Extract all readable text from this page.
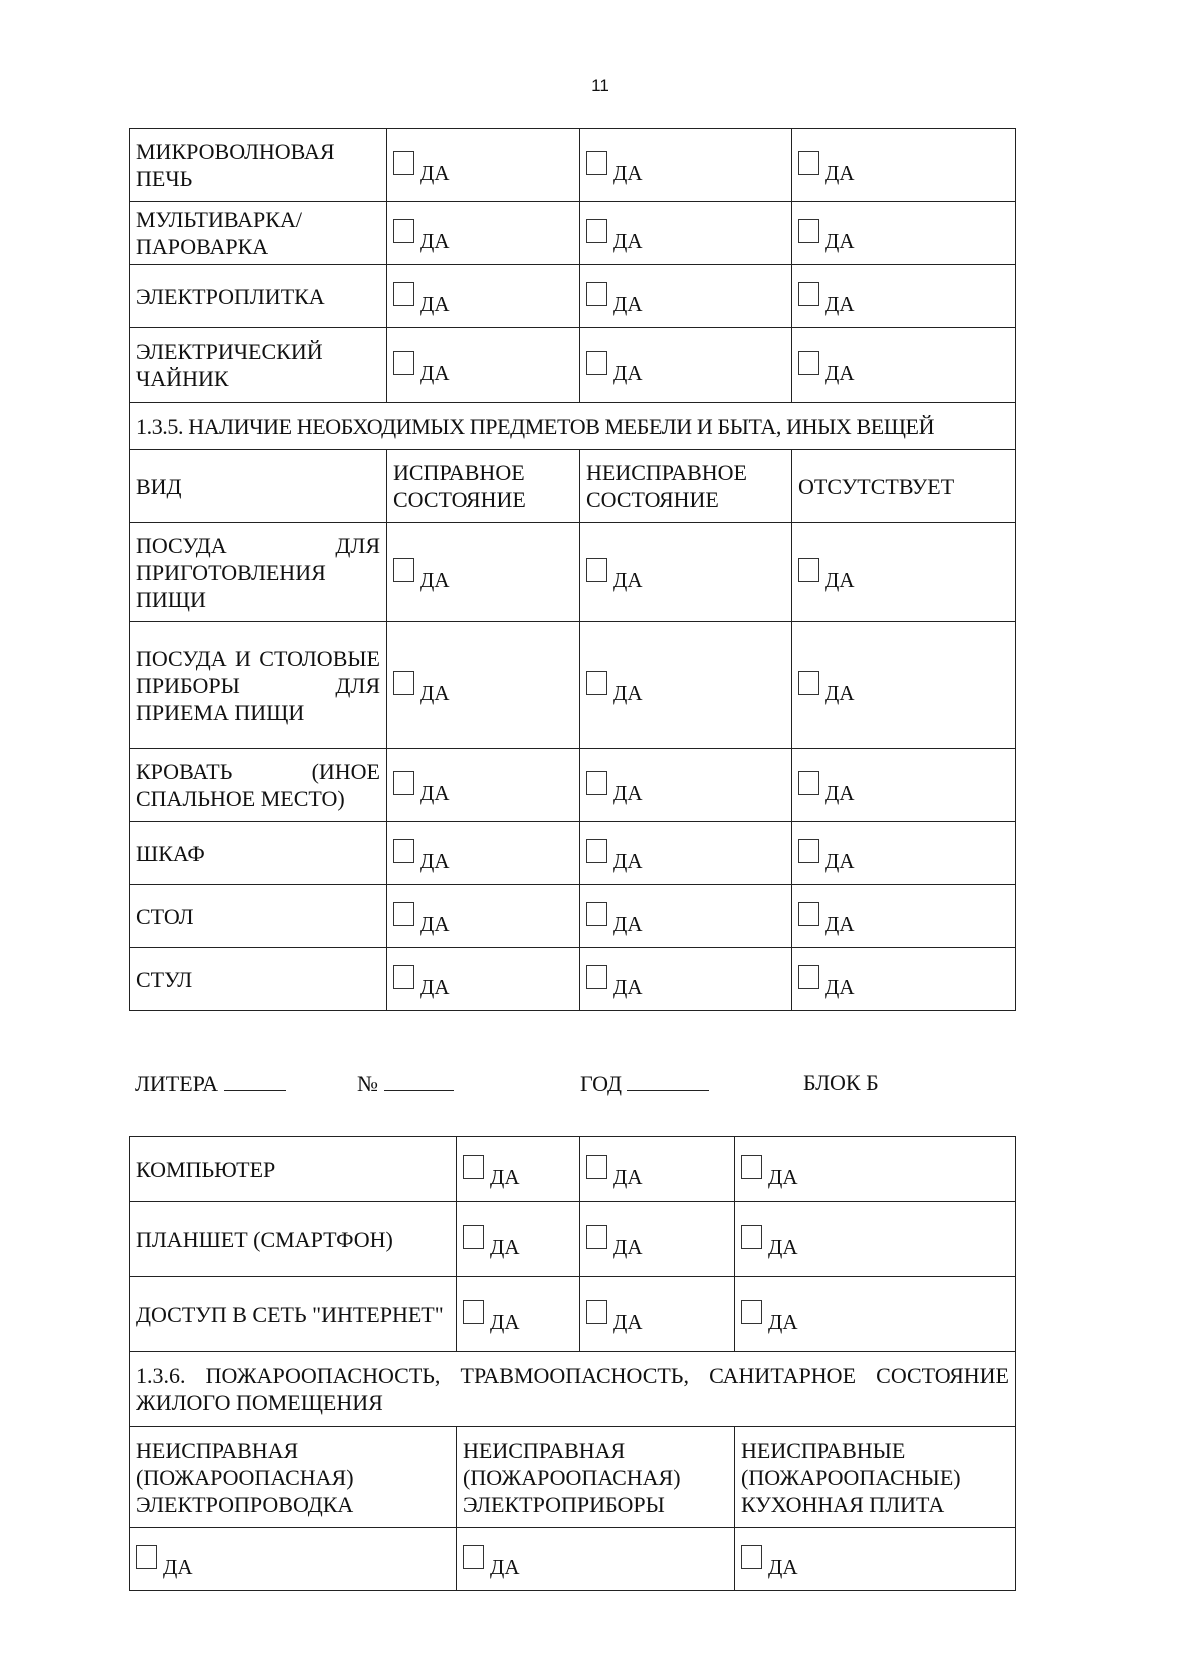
11
МИКРОВОЛНОВАЯ ПЕЧЬ	ДА	ДА	ДА
МУЛЬТИВАРКА/ ПАРОВАРКА	ДА	ДА	ДА
ЭЛЕКТРОПЛИТКА	ДА	ДА	ДА
ЭЛЕКТРИЧЕСКИЙ ЧАЙНИК	ДА	ДА	ДА
1.3.5. НАЛИЧИЕ НЕОБХОДИМЫХ ПРЕДМЕТОВ МЕБЕЛИ И БЫТА, ИНЫХ ВЕЩЕЙ			
ВИД	ИСПРАВНОЕ СОСТОЯНИЕ	НЕИСПРАВНОЕ СОСТОЯНИЕ	ОТСУТСТВУЕТ
ПОСУДА ДЛЯ ПРИГОТОВЛЕНИЯ ПИЩИ	ДА	ДА	ДА
ПОСУДА И СТОЛОВЫЕ ПРИБОРЫ ДЛЯ ПРИЕМА ПИЩИ	ДА	ДА	ДА
КРОВАТЬ (ИНОЕ СПАЛЬНОЕ МЕСТО)	ДА	ДА	ДА
ШКАФ	ДА	ДА	ДА
СТОЛ	ДА	ДА	ДА
СТУЛ	ДА	ДА	ДА
ЛИТЕРА	№	ГОД	БЛОК Б
КОМПЬЮТЕР	ДА	ДА	ДА
ПЛАНШЕТ (СМАРТФОН)	ДА	ДА	ДА
ДОСТУП В СЕТЬ "ИНТЕРНЕТ"	ДА	ДА	ДА
1.3.6. ПОЖАРООПАСНОСТЬ, ТРАВМООПАСНОСТЬ, САНИТАРНОЕ СОСТОЯНИЕ ЖИЛОГО ПОМЕЩЕНИЯ			
НЕИСПРАВНАЯ (ПОЖАРООПАСНАЯ) ЭЛЕКТРОПРОВОДКА	НЕИСПРАВНАЯ (ПОЖАРООПАСНАЯ) ЭЛЕКТРОПРИБОРЫ		НЕИСПРАВНЫЕ (ПОЖАРООПАСНЫЕ) КУХОННАЯ ПЛИТА
ДА	ДА		ДА
